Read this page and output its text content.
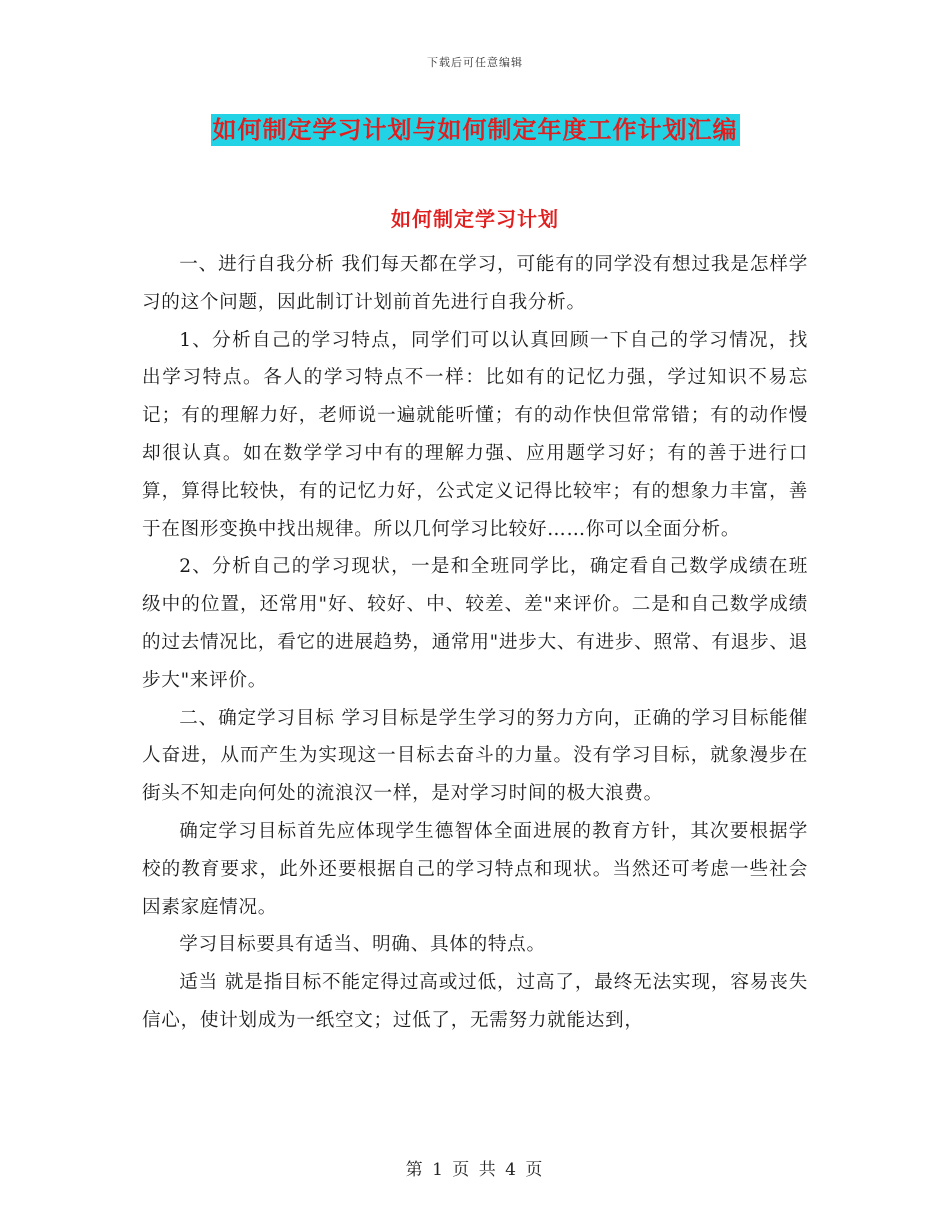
下载后可任意编辑
如何制定学习计划与如何制定年度工作计划汇编
如何制定学习计划

一、进行自我分析 我们每天都在学习，可能有的同学没有想过我是怎样学习的这个问题，因此制订计划前首先进行自我分析。

1、分析自己的学习特点，同学们可以认真回顾一下自己的学习情况，找出学习特点。各人的学习特点不一样：比如有的记忆力强，学过知识不易忘记；有的理解力好，老师说一遍就能听懂；有的动作快但常常错；有的动作慢却很认真。如在数学学习中有的理解力强、应用题学习好；有的善于进行口算，算得比较快，有的记忆力好，公式定义记得比较牢；有的想象力丰富，善于在图形变换中找出规律。所以几何学习比较好……你可以全面分析。

2、分析自己的学习现状，一是和全班同学比，确定看自己数学成绩在班级中的位置，还常用"好、较好、中、较差、差"来评价。二是和自己数学成绩的过去情况比，看它的进展趋势，通常用"进步大、有进步、照常、有退步、退步大"来评价。

二、确定学习目标 学习目标是学生学习的努力方向，正确的学习目标能催人奋进，从而产生为实现这一目标去奋斗的力量。没有学习目标，就象漫步在街头不知走向何处的流浪汉一样，是对学习时间的极大浪费。

确定学习目标首先应体现学生德智体全面进展的教育方针，其次要根据学校的教育要求，此外还要根据自己的学习特点和现状。当然还可考虑一些社会因素家庭情况。

学习目标要具有适当、明确、具体的特点。

适当 就是指目标不能定得过高或过低，过高了，最终无法实现，容易丧失信心，使计划成为一纸空文；过低了，无需努力就能达到，

第 1 页 共 4 页
